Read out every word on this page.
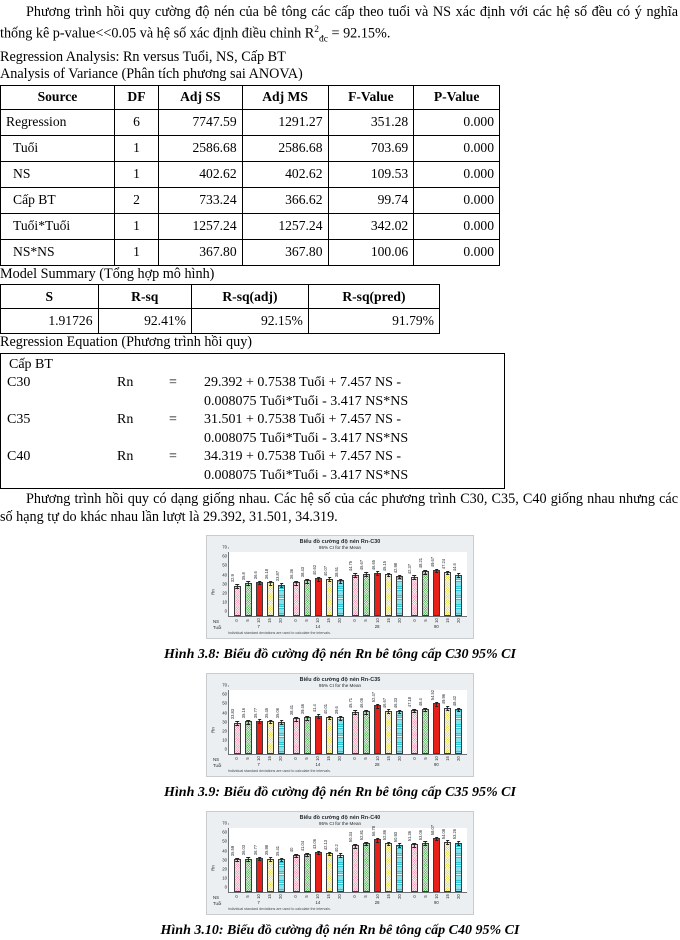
Phương trình hồi quy cường độ nén của bê tông các cấp theo tuổi và NS xác định với các hệ số đều có ý nghĩa thống kê p-value<<0.05 và hệ số xác định điều chỉnh $R^2_{đc} = 92.15\%$.

Regression Analysis: Rn versus Tuổi, NS, Cấp BT
Analysis of Variance (Phân tích phương sai ANOVA)
Source	DF	Adj SS	Adj MS	F-Value	P-Value
Regression	6	7747.59	1291.27	351.28	0.000
Tuổi	1	2586.68	2586.68	703.69	0.000
NS	1	402.62	402.62	109.53	0.000
Cấp BT	2	733.24	366.62	99.74	0.000
Tuổi*Tuổi	1	1257.24	1257.24	342.02	0.000
NS*NS	1	367.80	367.80	100.06	0.000
Model Summary (Tổng hợp mô hình)
S	R-sq	R-sq(adj)	R-sq(pred)
1.91726	92.41%	92.15%	91.79%
Regression Equation (Phương trình hồi quy)
Cấp BT
C30	Rn	=	29.392 + 0.7538 Tuổi + 7.457 NS -
0.008075 Tuổi*Tuổi - 3.417 NS*NS
C35	Rn	=	31.501 + 0.7538 Tuổi + 7.457 NS -
0.008075 Tuổi*Tuổi - 3.417 NS*NS
C40	Rn	=	34.319 + 0.7538 Tuổi + 7.457 NS -
0.008075 Tuổi*Tuổi - 3.417 NS*NS

Phương trình hồi quy có dạng giống nhau. Các hệ số của các phương trình C30, C35, C40 giống nhau nhưng các số hạng tự do khác nhau lần lượt là 29.392, 31.501, 34.319.

Biểu đồ cường độ nén Rn-C30
95% CI for the Mean
Rn
70
60
50
40
30
20
10
0
32.9 35.8 36.6 36.18 33.87 36.36 38.43 40.62 40.07 38.51
44.75 45.67 46.65 45.15 42.98 42.37
48.21 49.67 47.24 44.6
NS
Tuổi
0 5 10 15 20 0 5 10 15 20 0 5 10 15 20 0 5 10 15 20
7	14	28	90
Individual standard deviations are used to calculate the intervals.
Hình 3.8: Biểu đồ cường độ nén Rn bê tông cấp C30 95% CI
Biểu đồ cường độ nén Rn-C35
95% CI for the Mean
Rn
70
60
50
40
30
20
10
0
33.83 35.16 35.77 35.45 35.06 38.41 39.46 41.4 40.01 39.6
45.71 46.06
52.47
46.67 46.33 47.18 48.4
54.52 49.96 48.42
NS
Tuổi
0 5 10 15 20 0 5 10 15 20 0 5 10 15 20 0 5 10 15 20
7	14	28	90
Individual standard deviations are used to calculate the intervals.
Hình 3.9: Biểu đồ cường độ nén Rn bê tông cấp C35 95% CI
Biểu đồ cường độ nén Rn-C40
95% CI for the Mean
Rn
70
60
50
40
30
20
10
0
35.59 36.03 36.77 35.98 35.41 40 41.04 43.06 42.13 40.2
50.34 52.81 56.78 52.86 50.93 51.36 53.06 58.07 54.08 53.26
NS
Tuổi
0 5 10 15 20 0 5 10 15 20 0 5 10 15 20 0 5 10 15 20
7	14	28	90
Individual standard deviations are used to calculate the intervals.
Hình 3.10: Biểu đồ cường độ nén Rn bê tông cấp C40 95% CI
